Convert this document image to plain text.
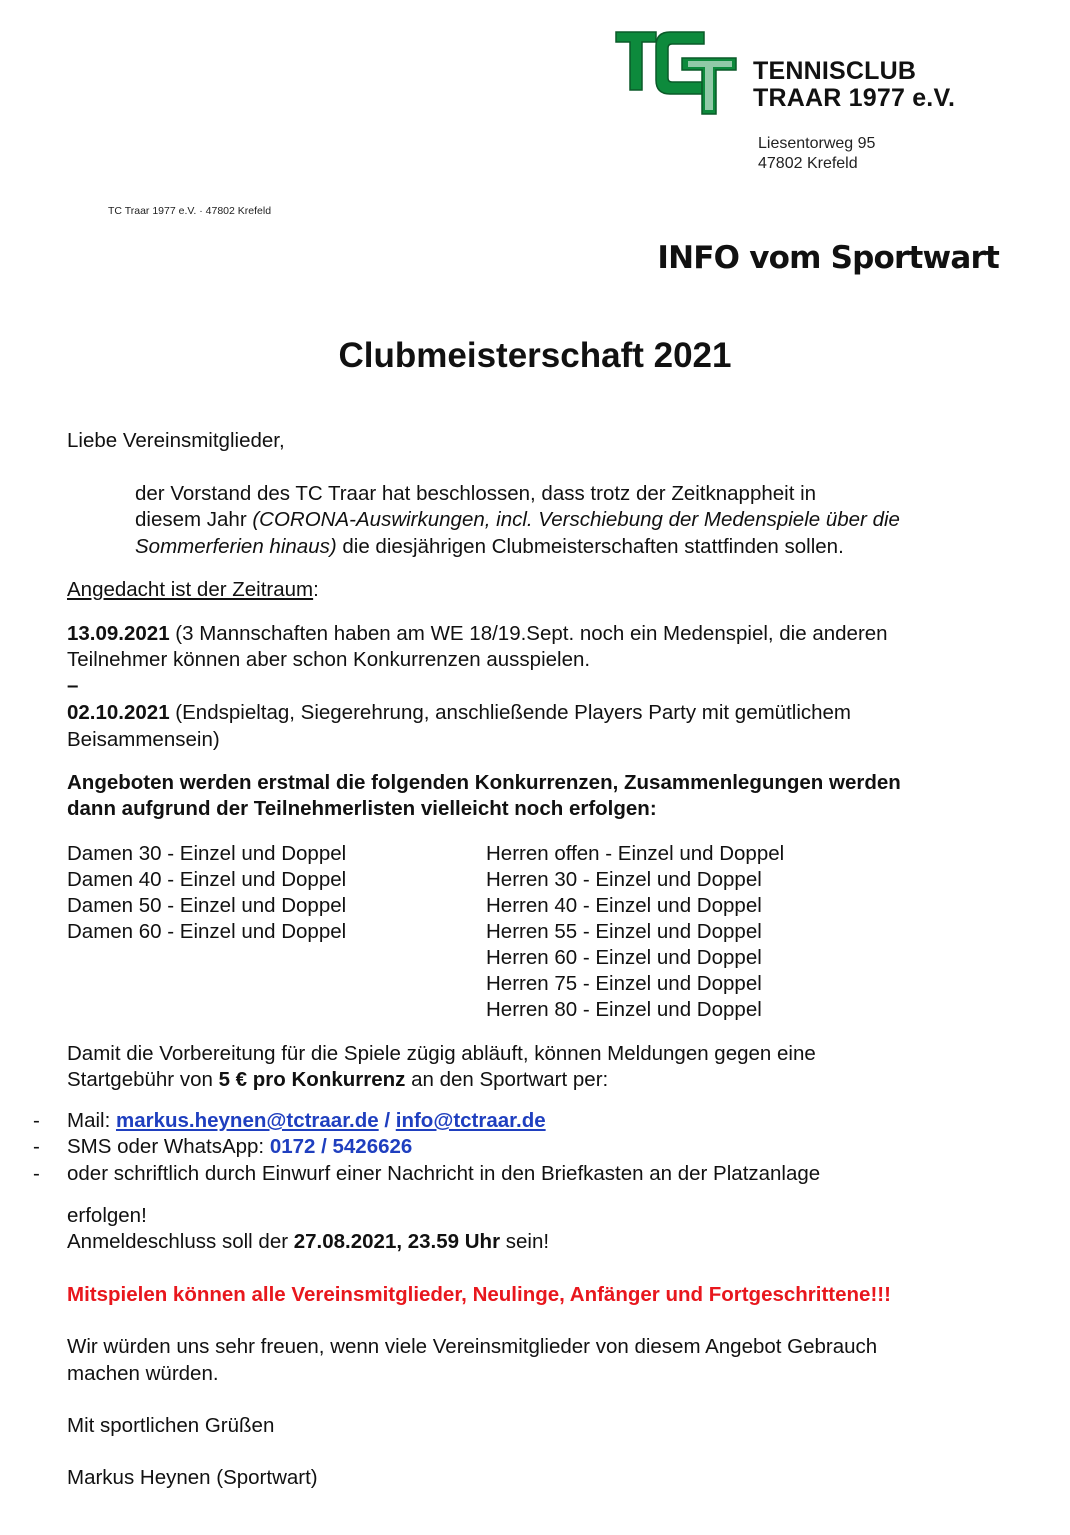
TENNISCLUB
TRAAR 1977 e.V.
Liesentorweg 95
47802 Krefeld
TC Traar 1977 e.V. · 47802 Krefeld
INFO vom Sportwart
Clubmeisterschaft 2021
Liebe Vereinsmitglieder,
der Vorstand des TC Traar hat beschlossen, dass trotz der Zeitknappheit in
diesem Jahr (CORONA-Auswirkungen, incl. Verschiebung der Medenspiele über die
Sommerferien hinaus) die diesjährigen Clubmeisterschaften stattfinden sollen.
Angedacht ist der Zeitraum:
13.09.2021 (3 Mannschaften haben am WE 18/19.Sept. noch ein Medenspiel, die anderen
Teilnehmer können aber schon Konkurrenzen ausspielen.
–
02.10.2021 (Endspieltag, Siegerehrung, anschließende Players Party mit gemütlichem
Beisammensein)
Angeboten werden erstmal die folgenden Konkurrenzen, Zusammenlegungen werden
dann aufgrund der Teilnehmerlisten vielleicht noch erfolgen:
Damen 30 - Einzel und Doppel
Damen 40 - Einzel und Doppel
Damen 50 - Einzel und Doppel
Damen 60 - Einzel und Doppel
Herren offen - Einzel und Doppel
Herren 30 - Einzel und Doppel
Herren 40 - Einzel und Doppel
Herren 55 - Einzel und Doppel
Herren 60 - Einzel und Doppel
Herren 75 - Einzel und Doppel
Herren 80 - Einzel und Doppel
Damit die Vorbereitung für die Spiele zügig abläuft, können Meldungen gegen eine
Startgebühr von 5 € pro Konkurrenz an den Sportwart per:
- Mail: markus.heynen@tctraar.de / info@tctraar.de
- SMS oder WhatsApp: 0172 / 5426626
- oder schriftlich durch Einwurf einer Nachricht in den Briefkasten an der Platzanlage
erfolgen!
Anmeldeschluss soll der 27.08.2021, 23.59 Uhr sein!
Mitspielen können alle Vereinsmitglieder, Neulinge, Anfänger und Fortgeschrittene!!!
Wir würden uns sehr freuen, wenn viele Vereinsmitglieder von diesem Angebot Gebrauch
machen würden.
Mit sportlichen Grüßen
Markus Heynen (Sportwart)
